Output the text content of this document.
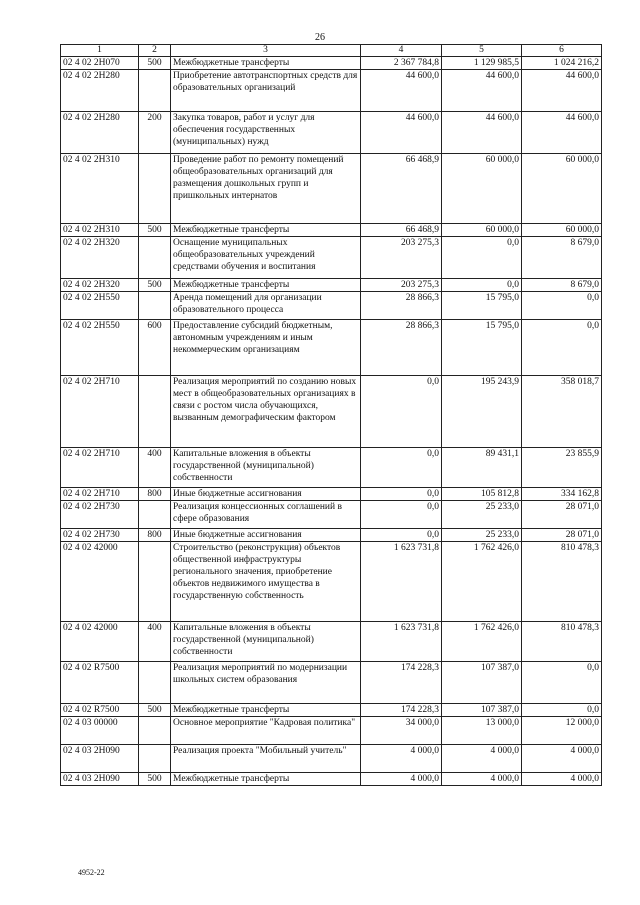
26
1	2	3	4	5	6
02 4 02 2Н070	500	Межбюджетные трансферты	2 367 784,8	1 129 985,5	1 024 216,2
02 4 02 2Н280		Приобретение автотранспортных средств для образовательных организаций	44 600,0	44 600,0	44 600,0
02 4 02 2Н280	200	Закупка товаров, работ и услуг для обеспечения государственных (муниципальных) нужд	44 600,0	44 600,0	44 600,0
02 4 02 2Н310		Проведение работ по ремонту помещений общеобразовательных организаций для размещения дошкольных групп и пришкольных интернатов	66 468,9	60 000,0	60 000,0
02 4 02 2Н310	500	Межбюджетные трансферты	66 468,9	60 000,0	60 000,0
02 4 02 2Н320		Оснащение муниципальных общеобразовательных учреждений средствами обучения и воспитания	203 275,3	0,0	8 679,0
02 4 02 2Н320	500	Межбюджетные трансферты	203 275,3	0,0	8 679,0
02 4 02 2Н550		Аренда помещений для организации образовательного процесса	28 866,3	15 795,0	0,0
02 4 02 2Н550	600	Предоставление субсидий бюджетным, автономным учреждениям и иным некоммерческим организациям	28 866,3	15 795,0	0,0
02 4 02 2Н710		Реализация мероприятий по созданию новых мест в общеобразовательных организациях в связи с ростом числа обучающихся, вызванным демографическим фактором	0,0	195 243,9	358 018,7
02 4 02 2Н710	400	Капитальные вложения в объекты государственной (муниципальной) собственности	0,0	89 431,1	23 855,9
02 4 02 2Н710	800	Иные бюджетные ассигнования	0,0	105 812,8	334 162,8
02 4 02 2Н730		Реализация концессионных соглашений в сфере образования	0,0	25 233,0	28 071,0
02 4 02 2Н730	800	Иные бюджетные ассигнования	0,0	25 233,0	28 071,0
02 4 02 42000		Строительство (реконструкция) объектов общественной инфраструктуры регионального значения, приобретение объектов недвижимого имущества в государственную собственность	1 623 731,8	1 762 426,0	810 478,3
02 4 02 42000	400	Капитальные вложения в объекты государственной (муниципальной) собственности	1 623 731,8	1 762 426,0	810 478,3
02 4 02 R7500		Реализация мероприятий по модернизации школьных систем образования	174 228,3	107 387,0	0,0
02 4 02 R7500	500	Межбюджетные трансферты	174 228,3	107 387,0	0,0
02 4 03 00000		Основное мероприятие "Кадровая политика"	34 000,0	13 000,0	12 000,0
02 4 03 2Н090		Реализация проекта "Мобильный учитель"	4 000,0	4 000,0	4 000,0
02 4 03 2Н090	500	Межбюджетные трансферты	4 000,0	4 000,0	4 000,0
4952-22
